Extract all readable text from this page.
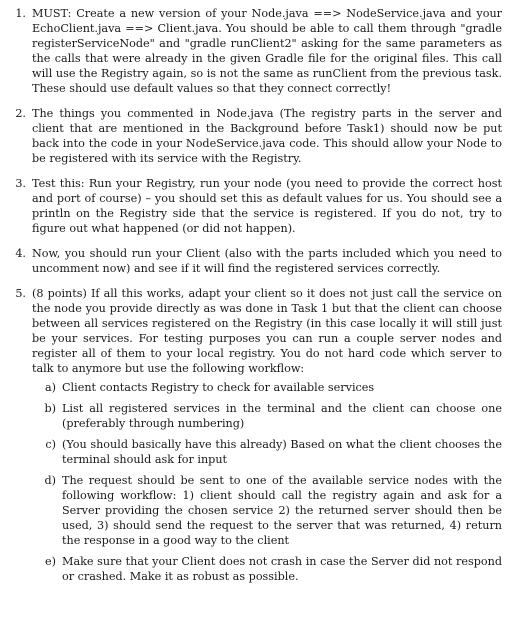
1. MUST: Create a new version of your Node.java ==> NodeService.java and your EchoClient.java ==> Client.java. You should be able to call them through "gradle registerServiceNode" and "gradle runClient2" asking for the same parameters as the calls that were already in the given Gradle file for the original files. This call will use the Registry again, so is not the same as runClient from the previous task. These should use default values so that they connect correctly!
2. The things you commented in Node.java (The registry parts in the server and client that are mentioned in the Background before Task1) should now be put back into the code in your NodeService.java code. This should allow your Node to be registered with its service with the Registry.
3. Test this: Run your Registry, run your node (you need to provide the correct host and port of course) – you should set this as default values for us. You should see a println on the Registry side that the service is registered. If you do not, try to figure out what happened (or did not happen).
4. Now, you should run your Client (also with the parts included which you need to uncomment now) and see if it will find the registered services correctly.
5. (8 points) If all this works, adapt your client so it does not just call the service on the node you provide directly as was done in Task 1 but that the client can choose between all services registered on the Registry (in this case locally it will still just be your services. For testing purposes you can run a couple server nodes and register all of them to your local registry. You do not hard code which server to talk to anymore but use the following workflow:
a) Client contacts Registry to check for available services
b) List all registered services in the terminal and the client can choose one (preferably through numbering)
c) (You should basically have this already) Based on what the client chooses the terminal should ask for input
d) The request should be sent to one of the available service nodes with the following workflow: 1) client should call the registry again and ask for a Server providing the chosen service 2) the returned server should then be used, 3) should send the request to the server that was returned, 4) return the response in a good way to the client
e) Make sure that your Client does not crash in case the Server did not respond or crashed. Make it as robust as possible.
